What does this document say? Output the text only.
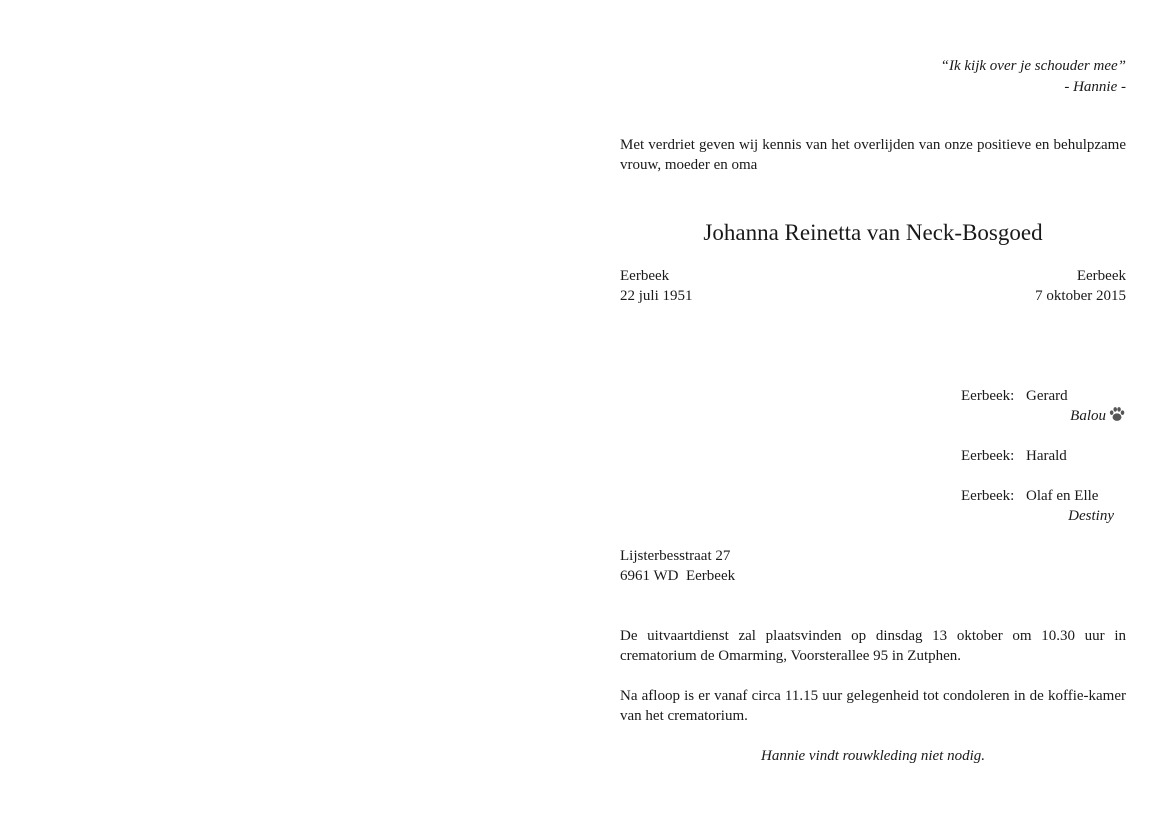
“Ik kijk over je schouder mee”
- Hannie -
Met verdriet geven wij kennis van het overlijden van onze positieve en behulpzame vrouw, moeder en oma
Johanna Reinetta van Neck-Bosgoed
Eerbeek
22 juli 1951
Eerbeek
7 oktober 2015
Eerbeek: Gerard
Balou
Eerbeek: Harald
Eerbeek: Olaf en Elle
Destiny
Lijsterbesstraat 27
6961 WD  Eerbeek
De uitvaartdienst zal plaatsvinden op dinsdag 13 oktober om 10.30 uur in crematorium de Omarming, Voorsterallee 95 in Zutphen.
Na afloop is er vanaf circa 11.15 uur gelegenheid tot condoleren in de koffie-kamer van het crematorium.
Hannie vindt rouwkleding niet nodig.
